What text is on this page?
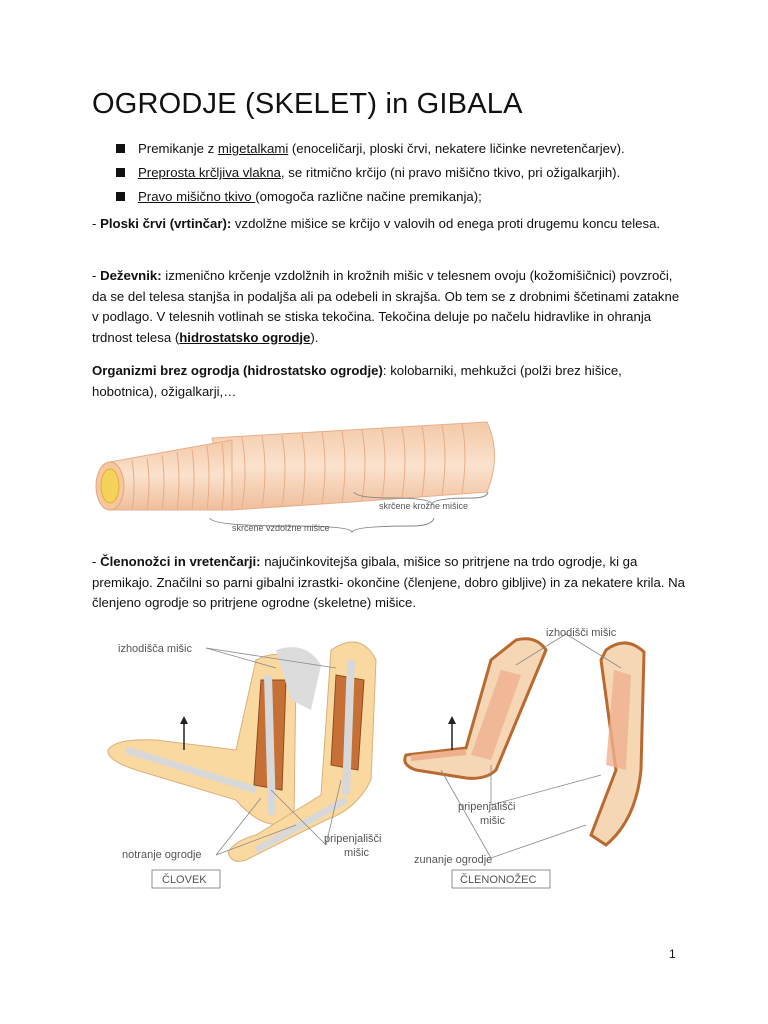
OGRODJE (SKELET) in GIBALA
Premikanje z migetalkami (enoceličarji, ploski črvi, nekatere ličinke nevretenčarjev).
Preprosta krčljiva vlakna, se ritmično krčijo (ni pravo mišično tkivo, pri ožigalkarjih).
Pravo mišično tkivo (omogoča različne načine premikanja);

- Ploski črvi (vrtinčar): vzdolžne mišice se krčijo v valovih od enega proti drugemu koncu telesa.

- Deževnik: izmenično krčenje vzdolžnih in krožnih mišic v telesnem ovoju (kožomišičnici) povzroči, da se del telesa stanjša in podaljša ali pa odebeli in skrajša. Ob tem se z drobnimi ščetinami zatakne v podlago. V telesnih votlinah se stiska tekočina. Tekočina deluje po načelu hidravlike in ohranja trdnost telesa (hidrostatsko ogrodje).

Organizmi brez ogrodja (hidrostatsko ogrodje): kolobarniki, mehkužci (polži brez hišice, hobotnica), ožigalkarji,…

skrčene krožne mišice
skrčene vzdolžne mišice

- Členonožci in vretenčarji: najučinkovitejša gibala, mišice so pritrjene na trdo ogrodje, ki ga premikajo. Značilni so parni gibalni izrastki- okončine (členjene, dobro gibljive) in za nekatere krila. Na členjeno ogrodje so pritrjene ogrodne (skeletne) mišice.

izhodišča mišic
pripenjališči
mišic
notranje ogrodje
ČLOVEK
izhodišči mišic
pripenjališči
mišic
zunanje ogrodje
ČLENONOŽEC
1
